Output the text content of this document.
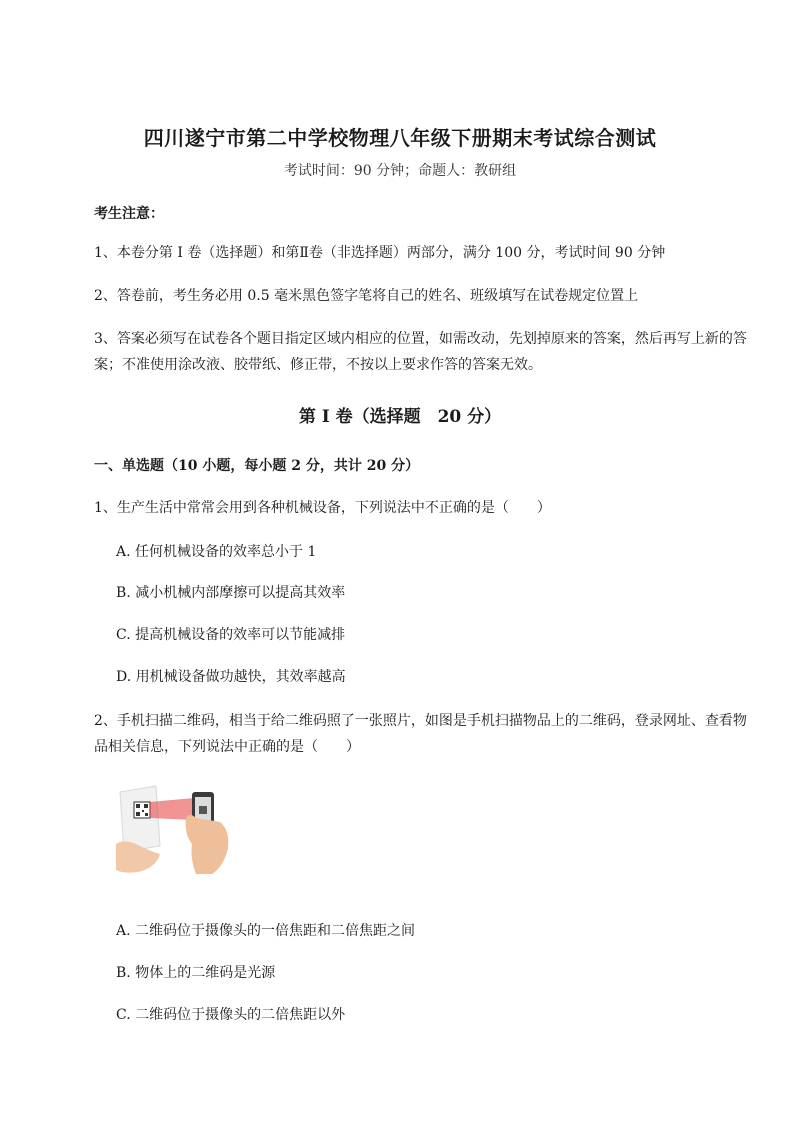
四川遂宁市第二中学校物理八年级下册期末考试综合测试
考试时间：90 分钟；命题人：教研组
考生注意：
1、本卷分第 I 卷（选择题）和第Ⅱ卷（非选择题）两部分，满分 100 分，考试时间 90 分钟
2、答卷前，考生务必用 0.5 毫米黑色签字笔将自己的姓名、班级填写在试卷规定位置上
3、答案必须写在试卷各个题目指定区域内相应的位置，如需改动，先划掉原来的答案，然后再写上新的答案；不准使用涂改液、胶带纸、修正带，不按以上要求作答的答案无效。
第 I 卷（选择题　20 分）
一、单选题（10 小题，每小题 2 分，共计 20 分）
1、生产生活中常常会用到各种机械设备，下列说法中不正确的是（　　）
A. 任何机械设备的效率总小于 1
B. 减小机械内部摩擦可以提高其效率
C. 提高机械设备的效率可以节能减排
D. 用机械设备做功越快，其效率越高
2、手机扫描二维码，相当于给二维码照了一张照片，如图是手机扫描物品上的二维码，登录网址、查看物品相关信息，下列说法中正确的是（　　）
A. 二维码位于摄像头的一倍焦距和二倍焦距之间
B. 物体上的二维码是光源
C. 二维码位于摄像头的二倍焦距以外
